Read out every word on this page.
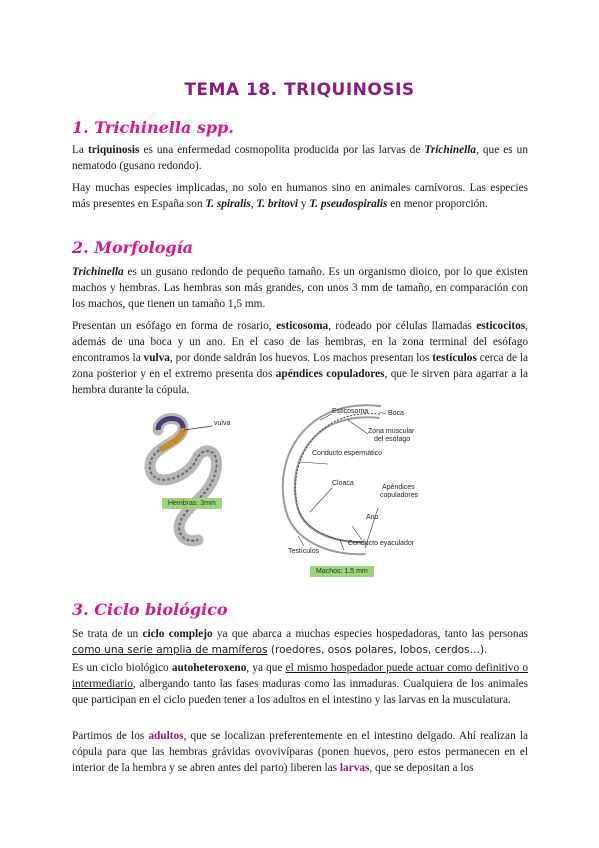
TEMA 18. TRIQUINOSIS
1. Trichinella spp.

La triquinosis es una enfermedad cosmopolita producida por las larvas de Trichinella, que es un nematodo (gusano redondo).

Hay muchas especies implicadas, no solo en humanos sino en animales carnívoros. Las especies más presentes en España son T. spiralis, T. britovi y T. pseudospiralis en menor proporción.

2. Morfología

Trichinella es un gusano redondo de pequeño tamaño. Es un organismo dioico, por lo que existen machos y hembras. Las hembras son más grandes, con unos 3 mm de tamaño, en comparación con los machos, que tienen un tamaño 1,5 mm.

Presentan un esófago en forma de rosario, esticosoma, rodeado por células llamadas esticocitos, además de una boca y un ano. En el caso de las hembras, en la zona terminal del esófago encontramos la vulva, por donde saldrán los huevos. Los machos presentan los testículos cerca de la zona posterior y en el extremo presenta dos apéndices copuladores, que le sirven para agarrar a la hembra durante la cópula.

vulva
Hembras: 3mm
Esticosoma	Boca
Zona muscular
del esófago
Conducto espermático
Cloaca
Apéndices
copuladores
Ano
Conducto eyaculador
Testículos
Machos: 1.5 mm
3. Ciclo biológico

Se trata de un ciclo complejo ya que abarca a muchas especies hospedadoras, tanto las personas como una serie amplia de mamíferos (roedores, osos polares, lobos, cerdos…).

Es un ciclo biológico autoheteroxeno, ya que el mismo hospedador puede actuar como definitivo o intermediario, albergando tanto las fases maduras como las inmaduras. Cualquiera de los animales que participan en el ciclo pueden tener a los adultos en el intestino y las larvas en la musculatura.

Partimos de los adultos, que se localizan preferentemente en el intestino delgado. Ahí realizan la cópula para que las hembras grávidas ovovivíparas (ponen huevos, pero estos permanecen en el interior de la hembra y se abren antes del parto) liberen las larvas, que se depositan a los
